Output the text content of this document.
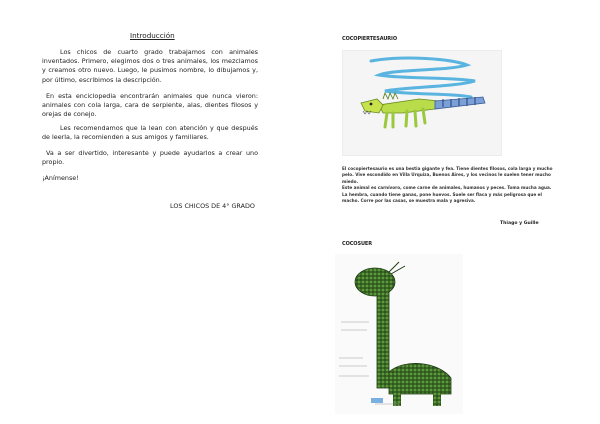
Introducción

Los chicos de cuarto grado trabajamos con animales inventados. Primero, elegimos dos o tres animales, los mezclamos y creamos otro nuevo. Luego, le pusimos nombre, lo dibujamos y, por último, escribimos la descripción.

En esta enciclopedia encontrarán animales que nunca vieron: animales con cola larga, cara de serpiente, alas, dientes filosos y orejas de conejo.

Les recomendamos que la lean con atención y que después de leerla, la recomienden a sus amigos y familiares.

Va a ser divertido, interesante y puede ayudarlos a crear uno propio.

¡Anímense!

LOS CHICOS DE 4° GRADO
COCOPIERTESAURIO

El cocopiertesaurio es una bestia gigante y fea. Tiene dientes filosos, cola larga y mucho pelo. Vive escondido en Villa Urquiza, Buenos Aires, y los vecinos le suelen tener mucho miedo.
Este animal es carnívoro, come carne de animales, humanos y peces. Toma mucha agua.
La hembra, cuando tiene ganas, pone huevos. Suele ser flaca y más peligrosa que el macho. Corre por las casas, se muestra mala y agresiva.

Thiago y Guille
COCOSUER
